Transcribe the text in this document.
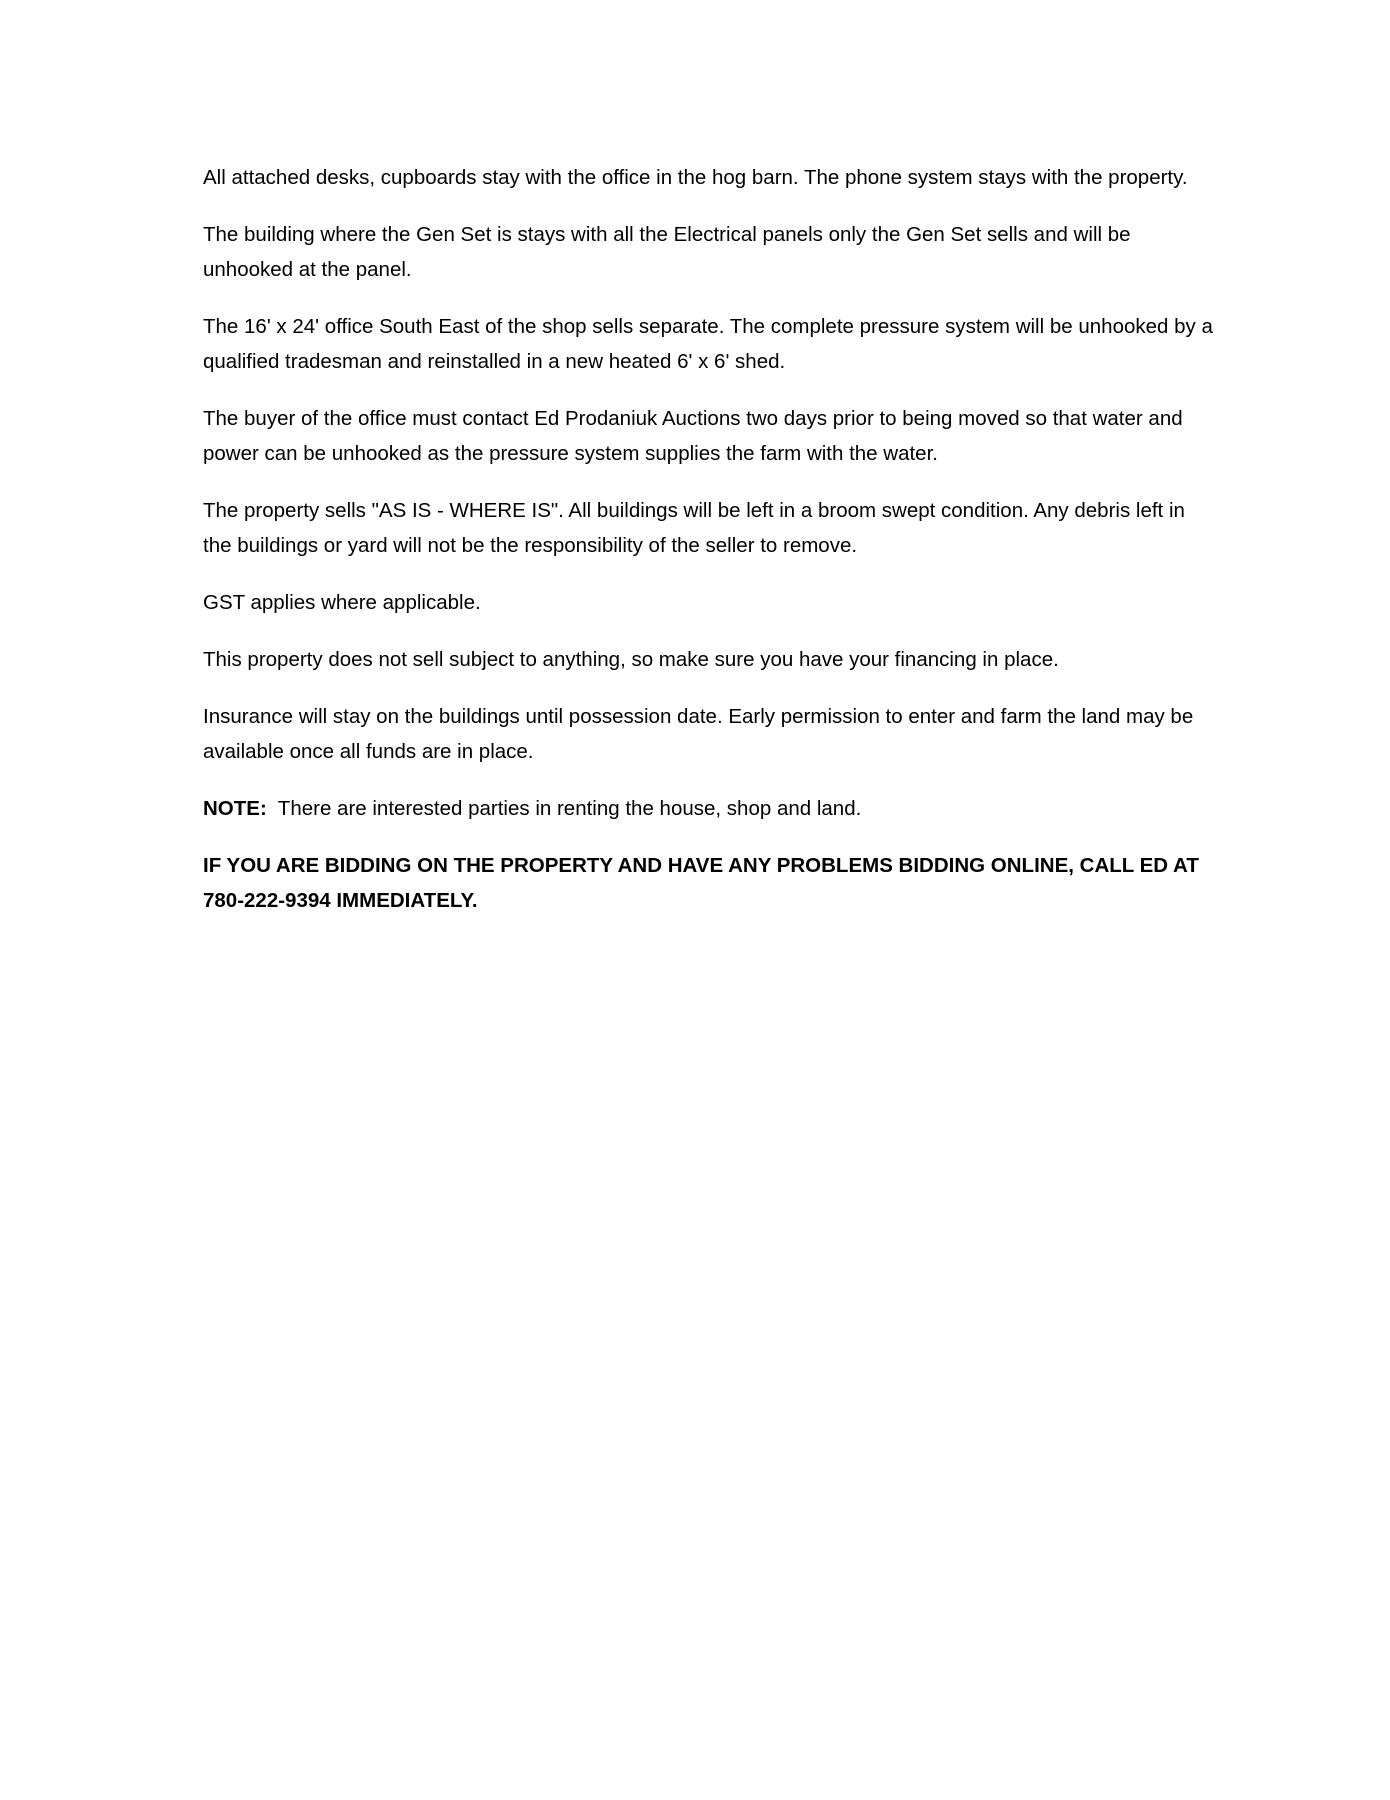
All attached desks, cupboards stay with the office in the hog barn. The phone system stays with the property.

The building where the Gen Set is stays with all the Electrical panels only the Gen Set sells and will be unhooked at the panel.

The 16' x 24' office South East of the shop sells separate. The complete pressure system will be unhooked by a qualified tradesman and reinstalled in a new heated 6' x 6' shed.

The buyer of the office must contact Ed Prodaniuk Auctions two days prior to being moved so that water and power can be unhooked as the pressure system supplies the farm with the water.

The property sells "AS IS - WHERE IS". All buildings will be left in a broom swept condition. Any debris left in the buildings or yard will not be the responsibility of the seller to remove.

GST applies where applicable.

This property does not sell subject to anything, so make sure you have your financing in place.

Insurance will stay on the buildings until possession date. Early permission to enter and farm the land may be available once all funds are in place.

NOTE:  There are interested parties in renting the house, shop and land.

IF YOU ARE BIDDING ON THE PROPERTY AND HAVE ANY PROBLEMS BIDDING ONLINE, CALL ED AT 780-222-9394 IMMEDIATELY.
